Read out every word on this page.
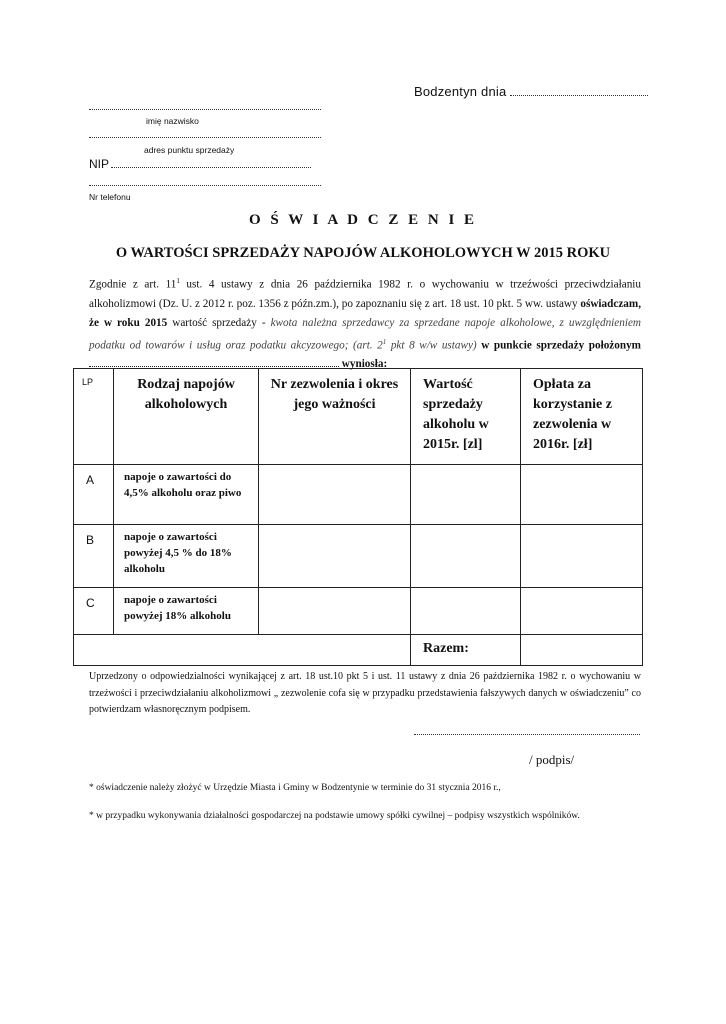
Bodzentyn dnia
imię nazwisko
adres punktu sprzedaży
NIP
Nr telefonu
O Ś W I A D C Z E N I E
O WARTOŚCI SPRZEDAŻY NAPOJÓW ALKOHOLOWYCH W 2015 ROKU
Zgodnie z art. $11^1$ ust. 4 ustawy z dnia 26 października 1982 r. o wychowaniu w trzeźwości przeciwdziałaniu alkoholizmowi (Dz. U. z 2012 r. poz. 1356 z późn.zm.), po zapoznaniu się z art. 18 ust. 10 pkt. 5 ww. ustawy oświadczam, że w roku 2015 wartość sprzedaży - kwota należna sprzedawcy za sprzedane napoje alkoholowe, z uwzględnieniem podatku od towarów i usług oraz podatku akcyzowego; (art. $2^1$ pkt 8 w/w ustawy) w punkcie sprzedaży położonym  wyniosła:
LP	Rodzaj napojów alkoholowych	Nr zezwolenia i okres jego ważności	Wartość sprzedaży alkoholu w 2015r. [zl]	Opłata za korzystanie z zezwolenia w 2016r. [zł]
A	napoje o zawartości do 4,5% alkoholu oraz piwo			
B	napoje o zawartości powyżej 4,5 % do 18% alkoholu			
C	napoje o zawartości powyżej 18% alkoholu			
			Razem:	
Uprzedzony o odpowiedzialności wynikającej z art. 18 ust.10 pkt 5 i ust. 11 ustawy z dnia 26 października 1982 r. o wychowaniu w trzeźwości i przeciwdziałaniu alkoholizmowi „ zezwolenie cofa się w przypadku przedstawienia fałszywych danych w oświadczeniu” co potwierdzam własnoręcznym podpisem.
/ podpis/
* oświadczenie należy złożyć w Urzędzie Miasta i Gminy w Bodzentynie w terminie do 31 stycznia 2016 r.,
* w przypadku wykonywania działalności gospodarczej na podstawie umowy spółki cywilnej – podpisy wszystkich wspólników.
